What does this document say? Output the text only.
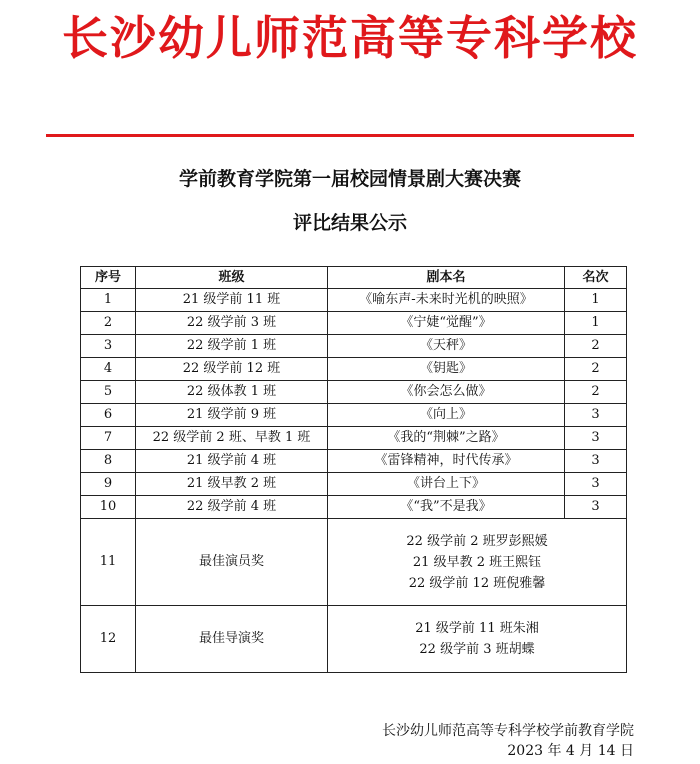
长沙幼儿师范高等专科学校
学前教育学院第一届校园情景剧大赛决赛
评比结果公示
序号	班级	剧本名	名次
1	21 级学前 11 班	《喻东声-未来时光机的映照》	1
2	22 级学前 3 班	《宁婕“觉醒”》	1
3	22 级学前 1 班	《天秤》	2
4	22 级学前 12 班	《钥匙》	2
5	22 级体教 1 班	《你会怎么做》	2
6	21 级学前 9 班	《向上》	3
7	22 级学前 2 班、早教 1 班	《我的“荆棘”之路》	3
8	21 级学前 4 班	《雷锋精神，时代传承》	3
9	21 级早教 2 班	《讲台上下》	3
10	22 级学前 4 班	《“我”不是我》	3
11	最佳演员奖	22 级学前 2 班罗彭熙媛
21 级早教 2 班王熙钰
22 级学前 12 班倪雅馨	

12	最佳导演奖	21 级学前 11 班朱湘
22 级学前 3 班胡蝶	
长沙幼儿师范高等专科学校学前教育学院
2023 年 4 月 14 日
